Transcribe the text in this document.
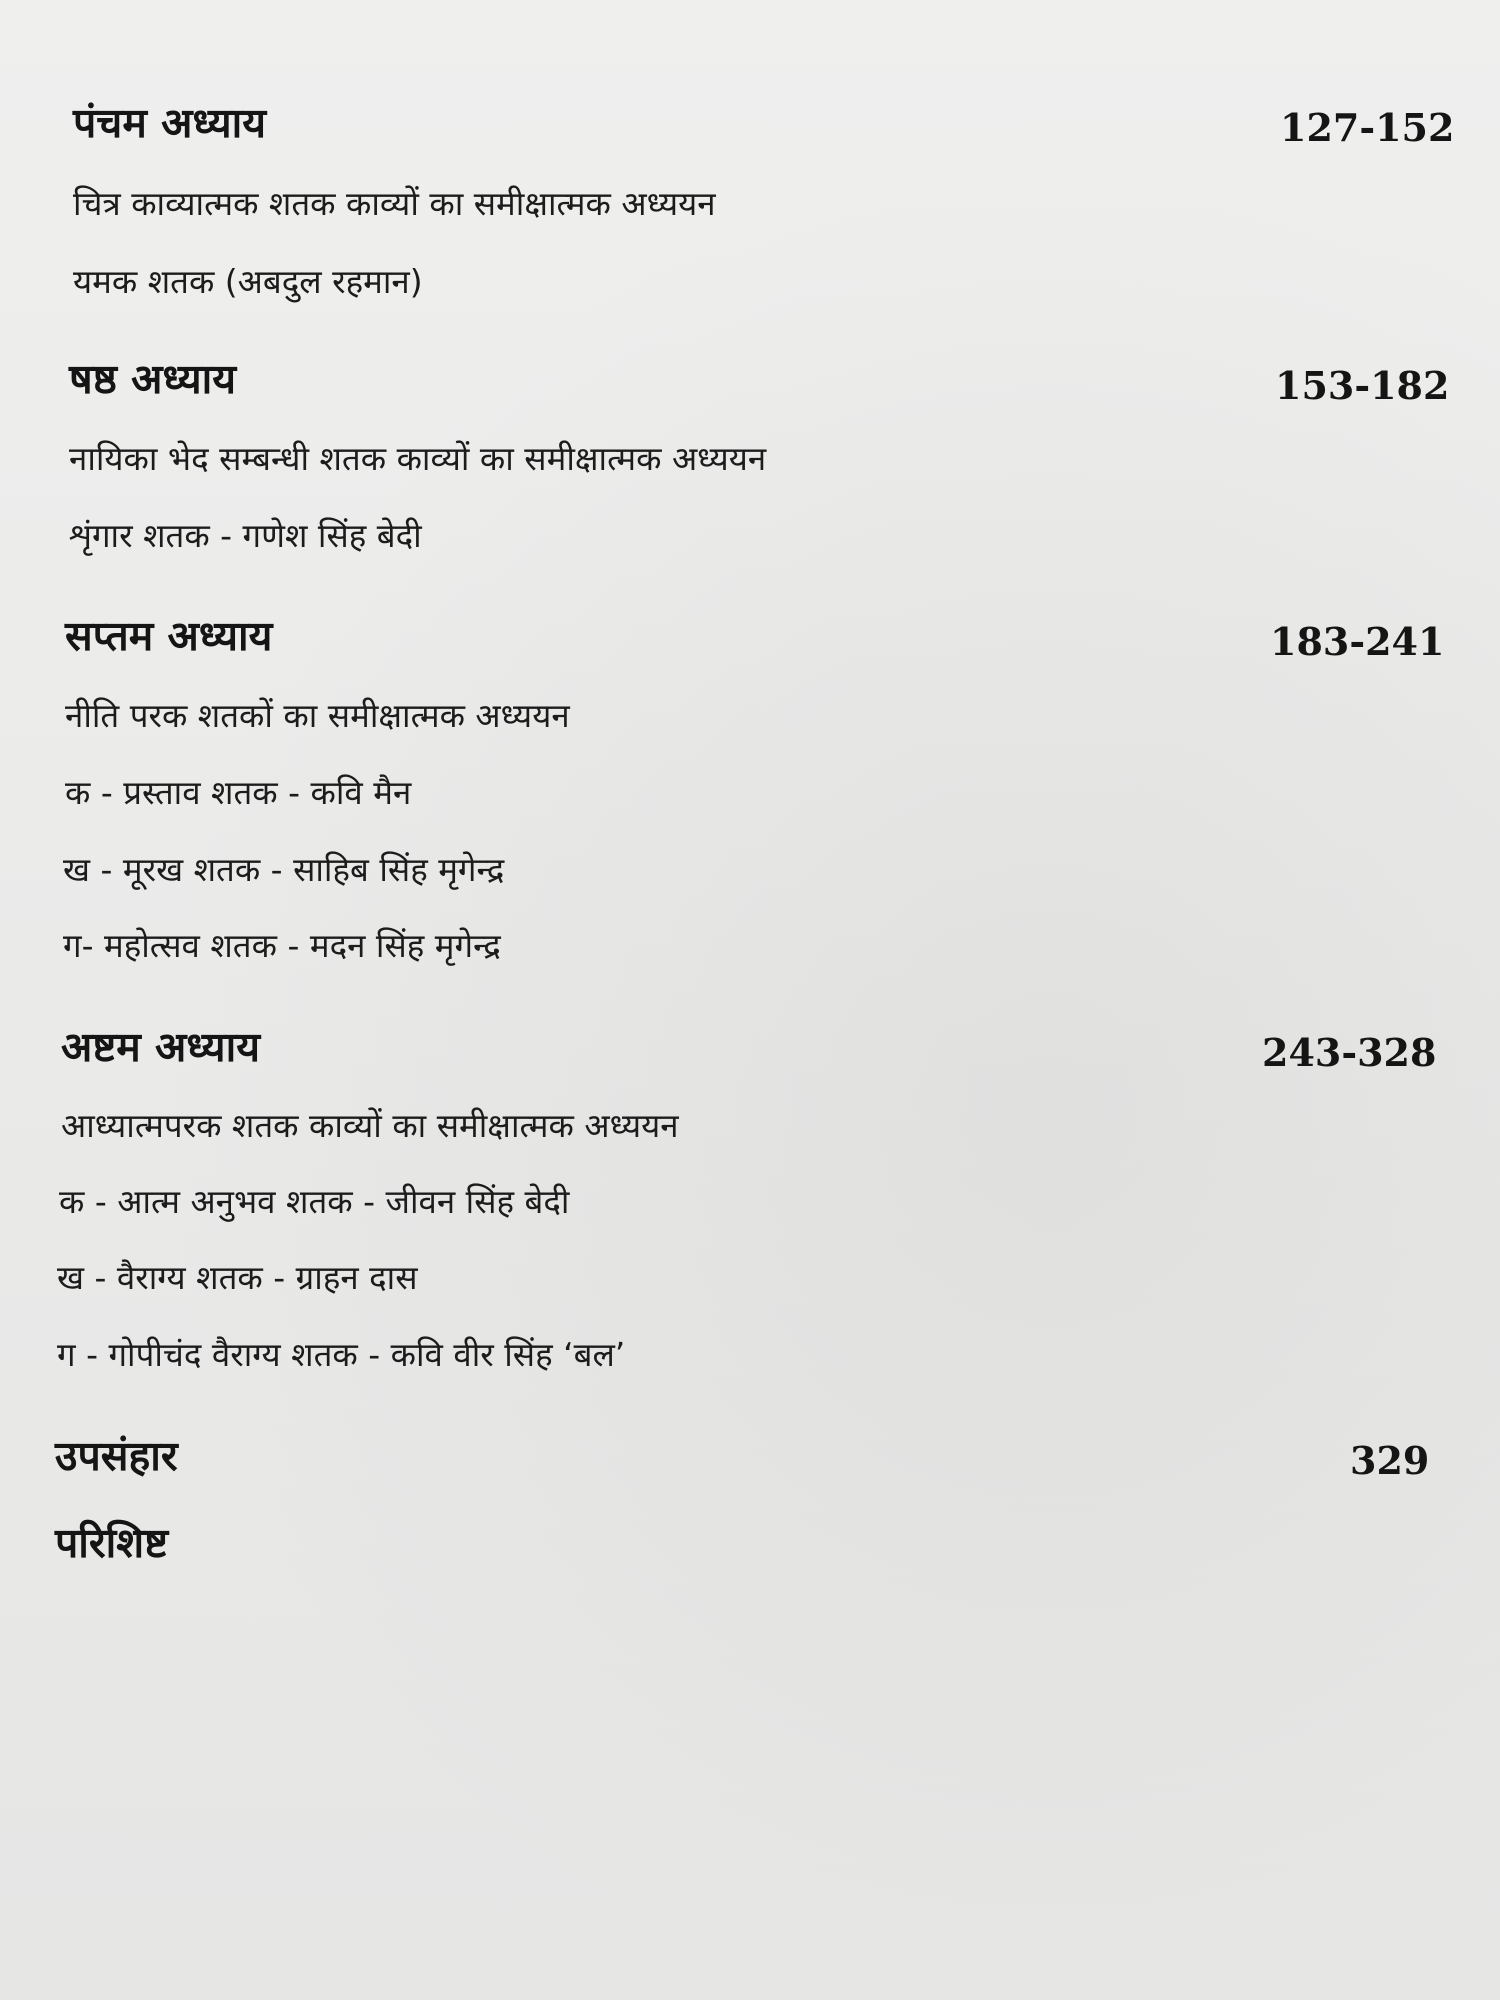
पंचम अध्याय	127-152
चित्र काव्यात्मक शतक काव्यों का समीक्षात्मक अध्ययन
यमक शतक (अबदुल रहमान)
षष्ठ अध्याय	153-182
नायिका भेद सम्बन्धी शतक काव्यों का समीक्षात्मक अध्ययन
शृंगार शतक - गणेश सिंह बेदी
सप्तम अध्याय	183-241
नीति परक शतकों का समीक्षात्मक अध्ययन
क - प्रस्ताव शतक - कवि मैन
ख - मूरख शतक - साहिब सिंह मृगेन्द्र
ग- महोत्सव शतक - मदन सिंह मृगेन्द्र
अष्टम अध्याय	243-328
आध्यात्मपरक शतक काव्यों का समीक्षात्मक अध्ययन
क - आत्म अनुभव शतक - जीवन सिंह बेदी
ख - वैराग्य शतक - ग्राहन दास
ग - गोपीचंद वैराग्य शतक - कवि वीर सिंह ‘बल’
उपसंहार	329
परिशिष्ट
